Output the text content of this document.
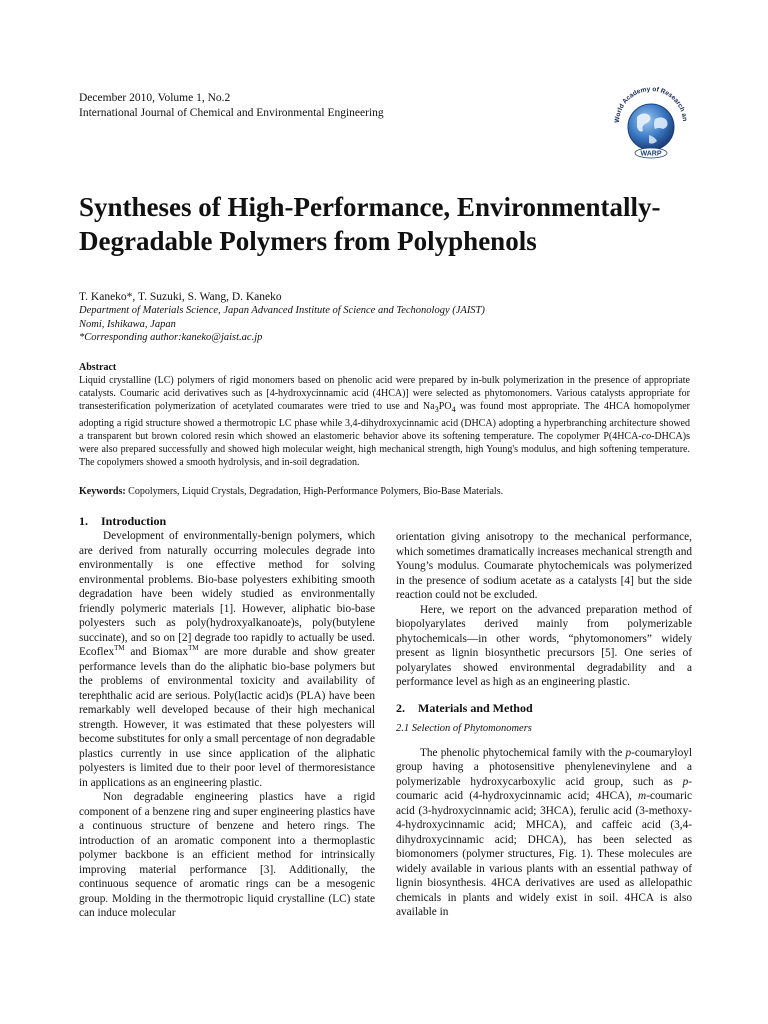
December 2010, Volume 1, No.2
International Journal of Chemical and Environmental Engineering
World Academy of Research an
WARP
Syntheses of High-Performance, Environmentally-Degradable Polymers from Polyphenols
T. Kaneko*, T. Suzuki, S. Wang, D. Kaneko
Department of Materials Science, Japan Advanced Institute of Science and Techonology (JAIST)
Nomi, Ishikawa, Japan
*Corresponding author:kaneko@jaist.ac.jp
Abstract
Liquid crystalline (LC) polymers of rigid monomers based on phenolic acid were prepared by in-bulk polymerization in the presence of appropriate catalysts. Coumaric acid derivatives such as [4-hydroxycinnamic acid (4HCA)] were selected as phytomonomers. Various catalysts appropriate for transesterification polymerization of acetylated coumarates were tried to use and $Na_3PO_4$ was found most appropriate. The 4HCA homopolymer adopting a rigid structure showed a thermotropic LC phase while 3,4-dihydroxycinnamic acid (DHCA) adopting a hyperbranching architecture showed a transparent but brown colored resin which showed an elastomeric behavior above its softening temperature. The copolymer P(4HCA-co-DHCA)s were also prepared successfully and showed high molecular weight, high mechanical strength, high Young's modulus, and high softening temperature. The copolymers showed a smooth hydrolysis, and in-soil degradation.
Keywords: Copolymers, Liquid Crystals, Degradation, High-Performance Polymers, Bio-Base Materials.
1. Introduction

Development of environmentally-benign polymers, which are derived from naturally occurring molecules degrade into environmentally is one effective method for solving environmental problems. Bio-base polyesters exhibiting smooth degradation have been widely studied as environmentally friendly polymeric materials [1]. However, aliphatic bio-base polyesters such as poly(hydroxyalkanoate)s, poly(butylene succinate), and so on [2] degrade too rapidly to actually be used. Ecoflex™ and Biomax™ are more durable and show greater performance levels than do the aliphatic bio-base polymers but the problems of environmental toxicity and availability of terephthalic acid are serious. Poly(lactic acid)s (PLA) have been remarkably well developed because of their high mechanical strength. However, it was estimated that these polyesters will become substitutes for only a small percentage of non degradable plastics currently in use since application of the aliphatic polyesters is limited due to their poor level of thermoresistance in applications as an engineering plastic.

Non degradable engineering plastics have a rigid component of a benzene ring and super engineering plastics have a continuous structure of benzene and hetero rings. The introduction of an aromatic component into a thermoplastic polymer backbone is an efficient method for intrinsically improving material performance [3]. Additionally, the continuous sequence of aromatic rings can be a mesogenic group. Molding in the thermotropic liquid crystalline (LC) state can induce molecular

orientation giving anisotropy to the mechanical performance, which sometimes dramatically increases mechanical strength and Young’s modulus. Coumarate phytochemicals was polymerized in the presence of sodium acetate as a catalysts [4] but the side reaction could not be excluded.

Here, we report on the advanced preparation method of biopolyarylates derived mainly from polymerizable phytochemicals—in other words, “phytomonomers” widely present as lignin biosynthetic precursors [5]. One series of polyarylates showed environmental degradability and a performance level as high as an engineering plastic.

2. Materials and Method
2.1 Selection of Phytomonomers

The phenolic phytochemical family with the p-coumaryloyl group having a photosensitive phenylenevinylene and a polymerizable hydroxycarboxylic acid group, such as p-coumaric acid (4-hydroxycinnamic acid; 4HCA), m-coumaric acid (3-hydroxycinnamic acid; 3HCA), ferulic acid (3-methoxy-4-hydroxycinnamic acid; MHCA), and caffeic acid (3,4-dihydroxycinnamic acid; DHCA), has been selected as biomonomers (polymer structures, Fig. 1). These molecules are widely available in various plants with an essential pathway of lignin biosynthesis. 4HCA derivatives are used as allelopathic chemicals in plants and widely exist in soil. 4HCA is also available in
